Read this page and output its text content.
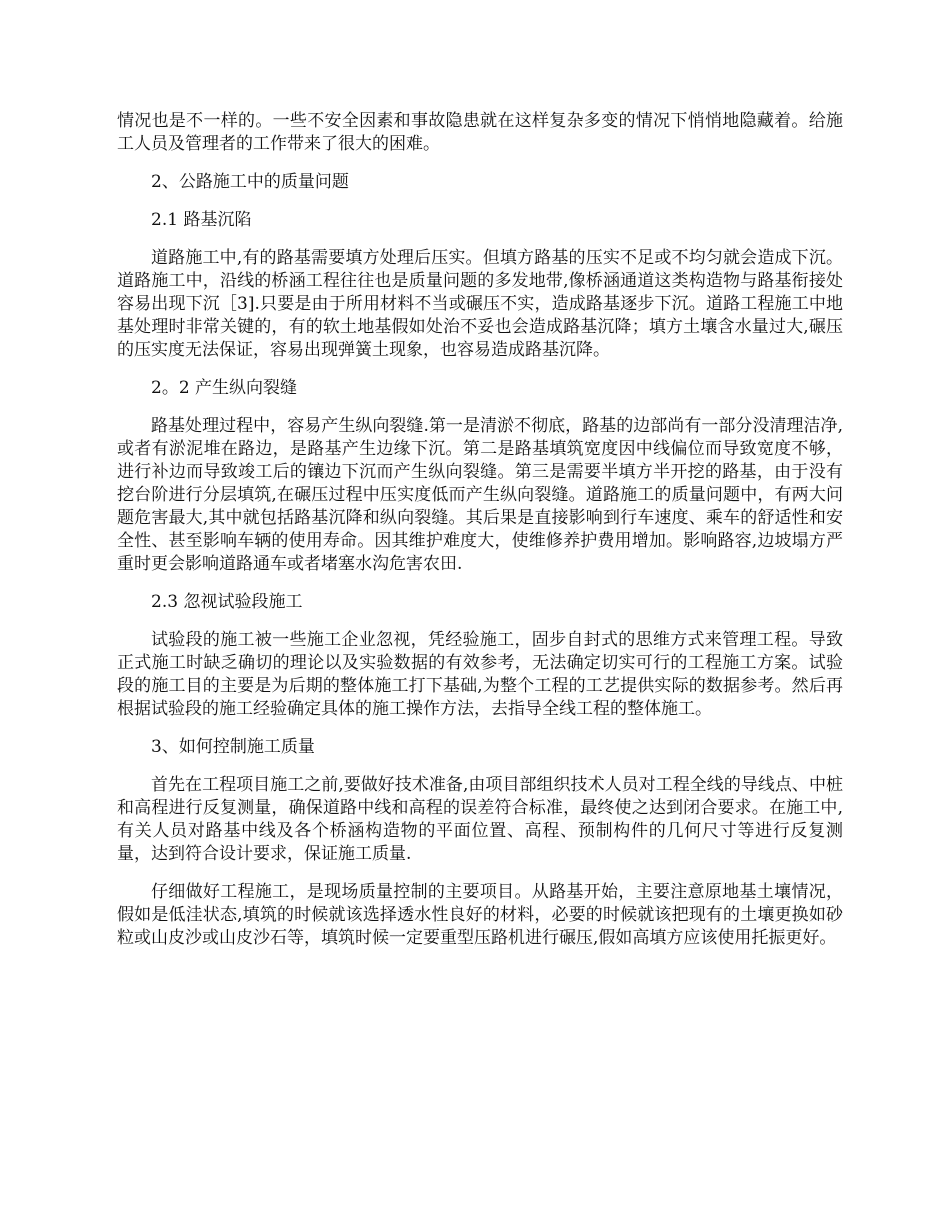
情况也是不一样的。一些不安全因素和事故隐患就在这样复杂多变的情况下悄悄地隐藏着。给施工人员及管理者的工作带来了很大的困难。

2、公路施工中的质量问题

2.1 路基沉陷

道路施工中,有的路基需要填方处理后压实。但填方路基的压实不足或不均匀就会造成下沉。道路施工中，沿线的桥涵工程往往也是质量问题的多发地带,像桥涵通道这类构造物与路基衔接处容易出现下沉［3].只要是由于所用材料不当或碾压不实，造成路基逐步下沉。道路工程施工中地基处理时非常关键的，有的软土地基假如处治不妥也会造成路基沉降；填方土壤含水量过大,碾压的压实度无法保证，容易出现弹簧土现象，也容易造成路基沉降。

2。2 产生纵向裂缝

路基处理过程中，容易产生纵向裂缝.第一是清淤不彻底，路基的边部尚有一部分没清理洁净,或者有淤泥堆在路边，是路基产生边缘下沉。第二是路基填筑宽度因中线偏位而导致宽度不够，进行补边而导致竣工后的镶边下沉而产生纵向裂缝。第三是需要半填方半开挖的路基，由于没有挖台阶进行分层填筑,在碾压过程中压实度低而产生纵向裂缝。道路施工的质量问题中，有两大问题危害最大,其中就包括路基沉降和纵向裂缝。其后果是直接影响到行车速度、乘车的舒适性和安全性、甚至影响车辆的使用寿命。因其维护难度大，使维修养护费用增加。影响路容,边坡塌方严重时更会影响道路通车或者堵塞水沟危害农田.

2.3 忽视试验段施工

试验段的施工被一些施工企业忽视，凭经验施工，固步自封式的思维方式来管理工程。导致正式施工时缺乏确切的理论以及实验数据的有效参考，无法确定切实可行的工程施工方案。试验段的施工目的主要是为后期的整体施工打下基础,为整个工程的工艺提供实际的数据参考。然后再根据试验段的施工经验确定具体的施工操作方法，去指导全线工程的整体施工。

3、如何控制施工质量

首先在工程项目施工之前,要做好技术准备,由项目部组织技术人员对工程全线的导线点、中桩和高程进行反复测量，确保道路中线和高程的误差符合标准，最终使之达到闭合要求。在施工中,有关人员对路基中线及各个桥涵构造物的平面位置、高程、预制构件的几何尺寸等进行反复测量，达到符合设计要求，保证施工质量.

仔细做好工程施工，是现场质量控制的主要项目。从路基开始，主要注意原地基土壤情况，假如是低洼状态,填筑的时候就该选择透水性良好的材料，必要的时候就该把现有的土壤更换如砂粒或山皮沙或山皮沙石等，填筑时候一定要重型压路机进行碾压,假如高填方应该使用托振更好。
